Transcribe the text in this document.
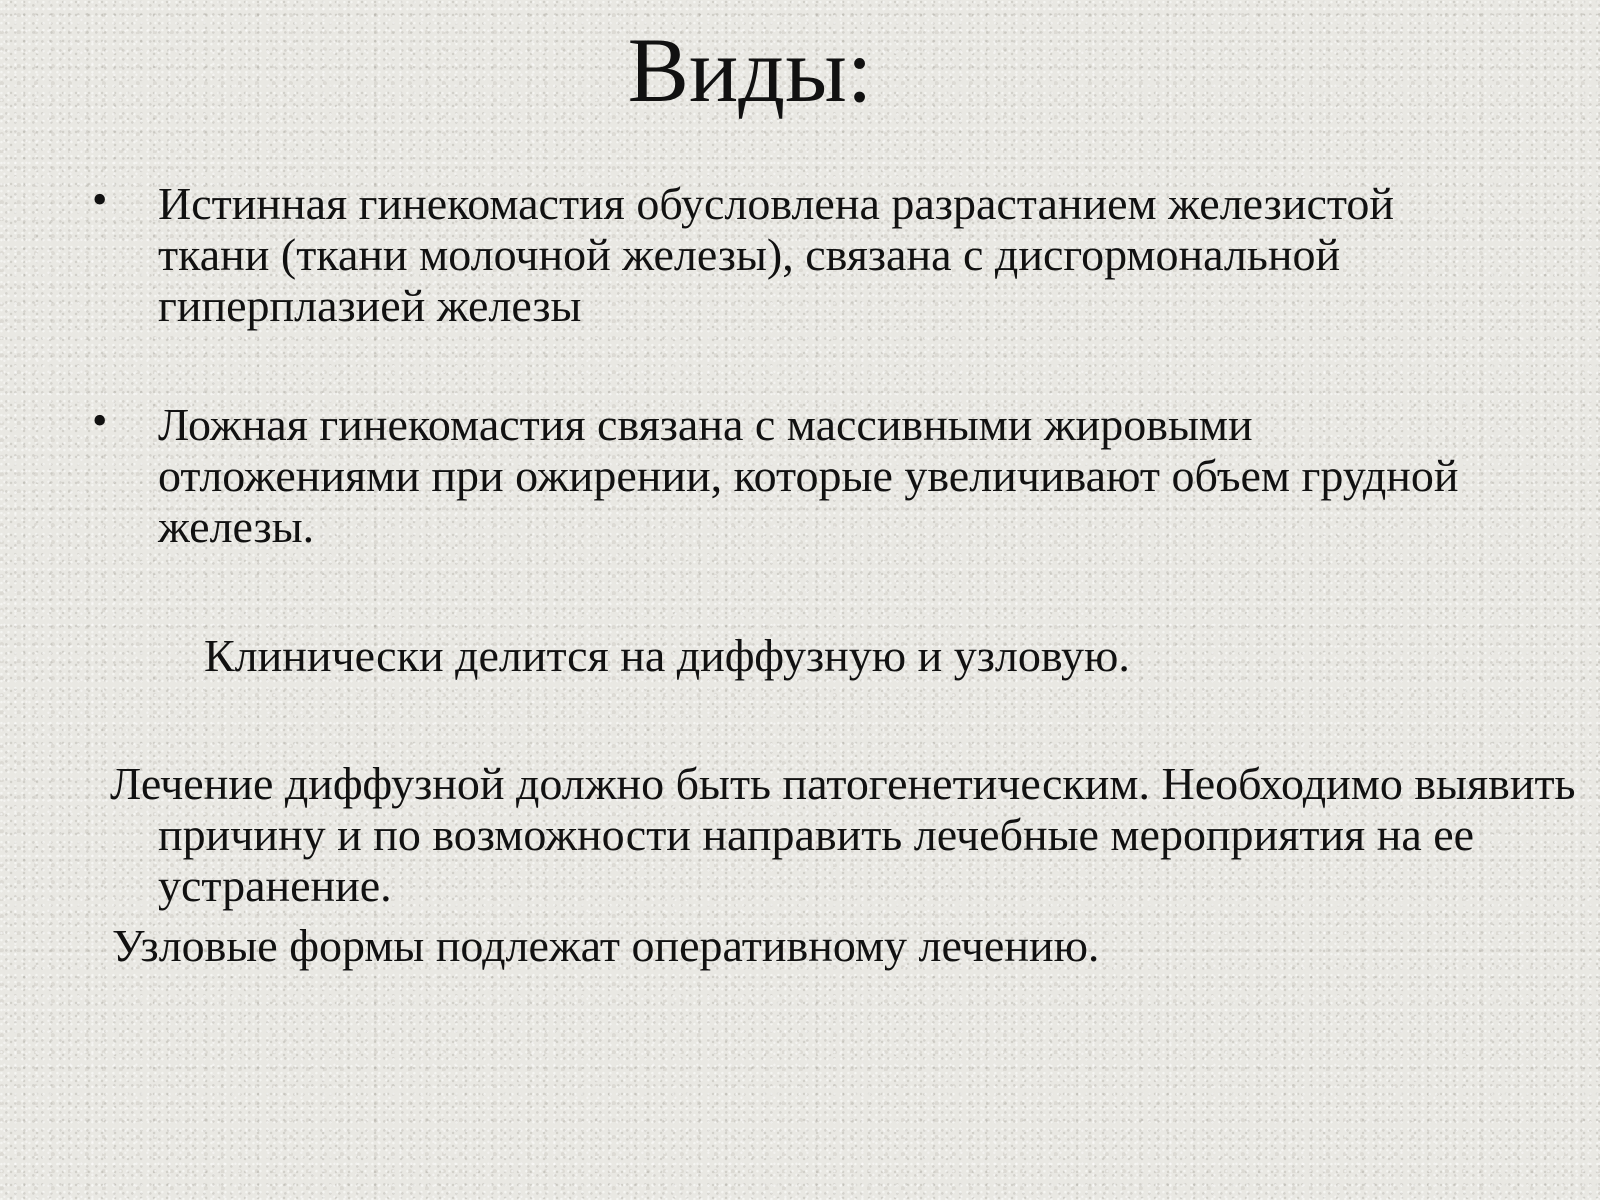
Виды:
• Истинная гинекомастия обусловлена разрастанием железистой ткани (ткани молочной железы), связана с дисгормональной гиперплазией железы
• Ложная гинекомастия связана с массивными жировыми отложениями при ожирении, которые увеличивают объем грудной железы.

Клинически делится на диффузную и узловую.

Лечение диффузной должно быть патогенетическим. Необходимо выявить причину и по возможности направить лечебные мероприятия на ее устранение.

Узловые формы подлежат оперативному лечению.
